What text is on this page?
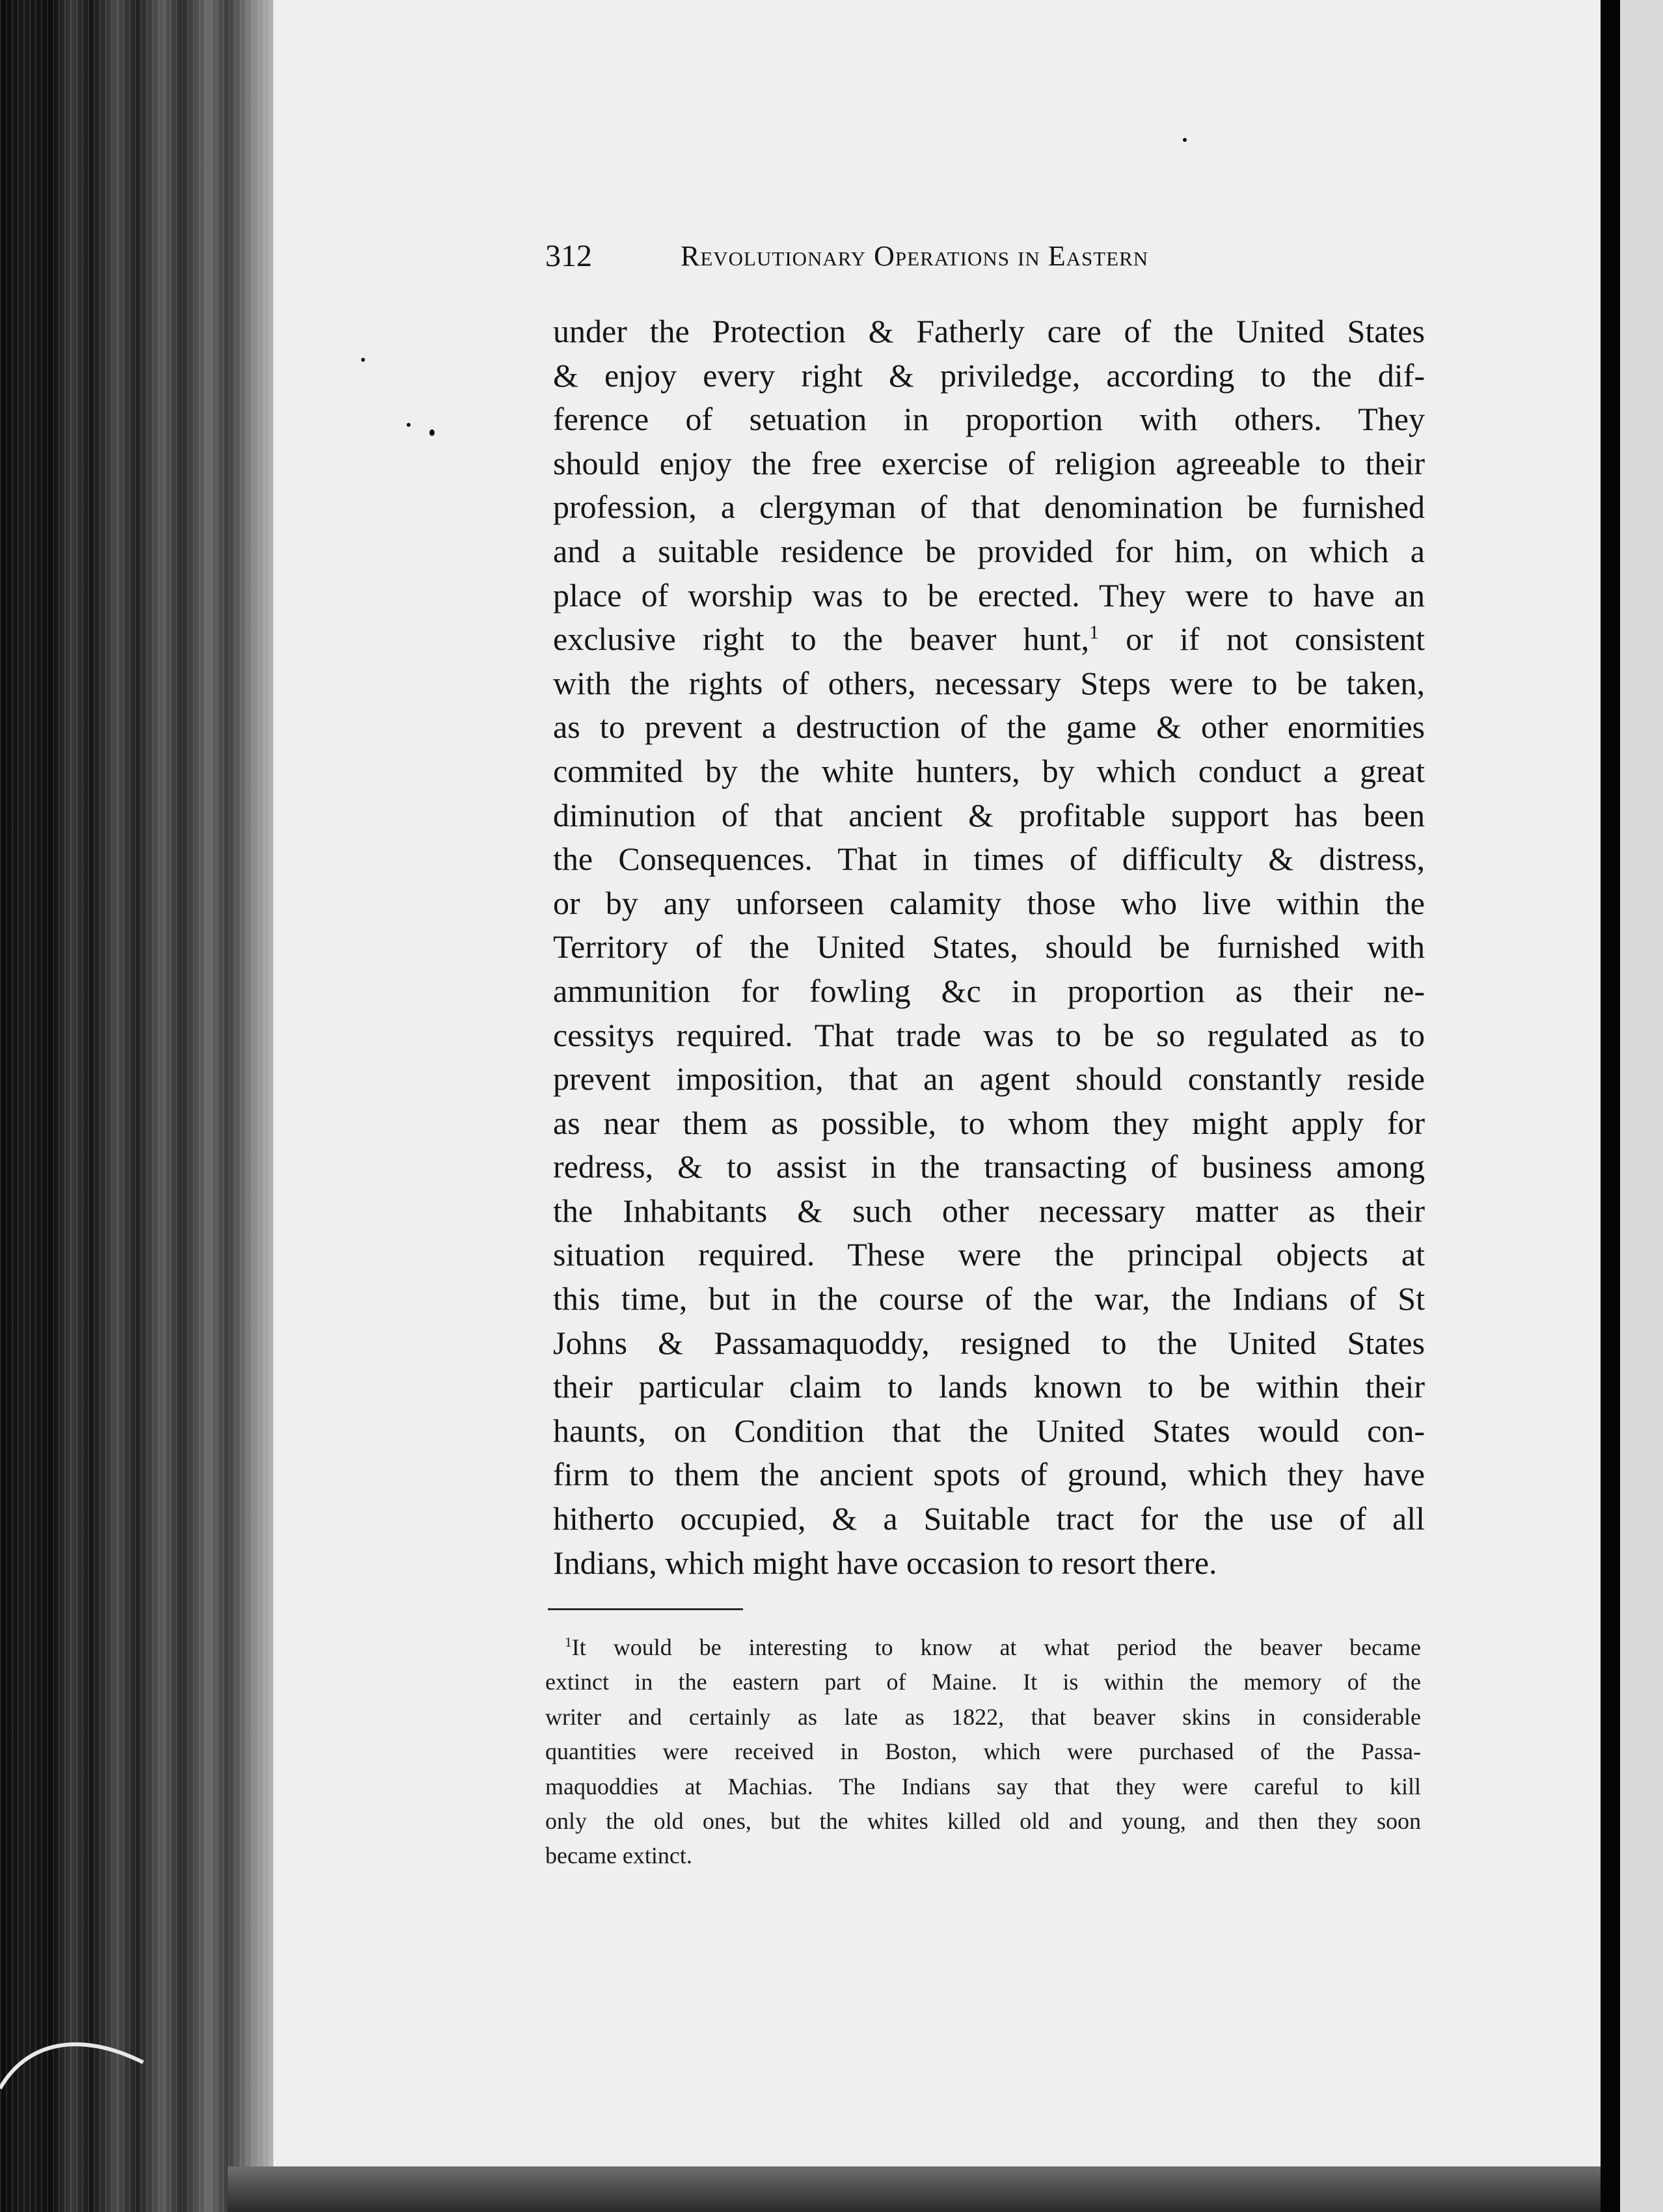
312	Revolutionary Operations in Eastern
under the Protection & Fatherly care of the United States
& enjoy every right & priviledge, according to the dif-
ference of setuation in proportion with others. They
should enjoy the free exercise of religion agreeable to their
profession, a clergyman of that denomination be furnished
and a suitable residence be provided for him, on which a
place of worship was to be erected. They were to have an
exclusive right to the beaver hunt,$^1$ or if not consistent
with the rights of others, necessary Steps were to be taken,
as to prevent a destruction of the game & other enormities
commited by the white hunters, by which conduct a great
diminution of that ancient & profitable support has been
the Consequences. That in times of difficulty & distress,
or by any unforseen calamity those who live within the
Territory of the United States, should be furnished with
ammunition for fowling &c in proportion as their ne-
cessitys required. That trade was to be so regulated as to
prevent imposition, that an agent should constantly reside
as near them as possible, to whom they might apply for
redress, & to assist in the transacting of business among
the Inhabitants & such other necessary matter as their
situation required. These were the principal objects at
this time, but in the course of the war, the Indians of St
Johns & Passamaquoddy, resigned to the United States
their particular claim to lands known to be within their
haunts, on Condition that the United States would con-
firm to them the ancient spots of ground, which they have
hitherto occupied, & a Suitable tract for the use of all
Indians, which might have occasion to resort there.
$^1$It would be interesting to know at what period the beaver became
extinct in the eastern part of Maine. It is within the memory of the
writer and certainly as late as 1822, that beaver skins in considerable
quantities were received in Boston, which were purchased of the Passa-
maquoddies at Machias. The Indians say that they were careful to kill
only the old ones, but the whites killed old and young, and then they soon
became extinct.
